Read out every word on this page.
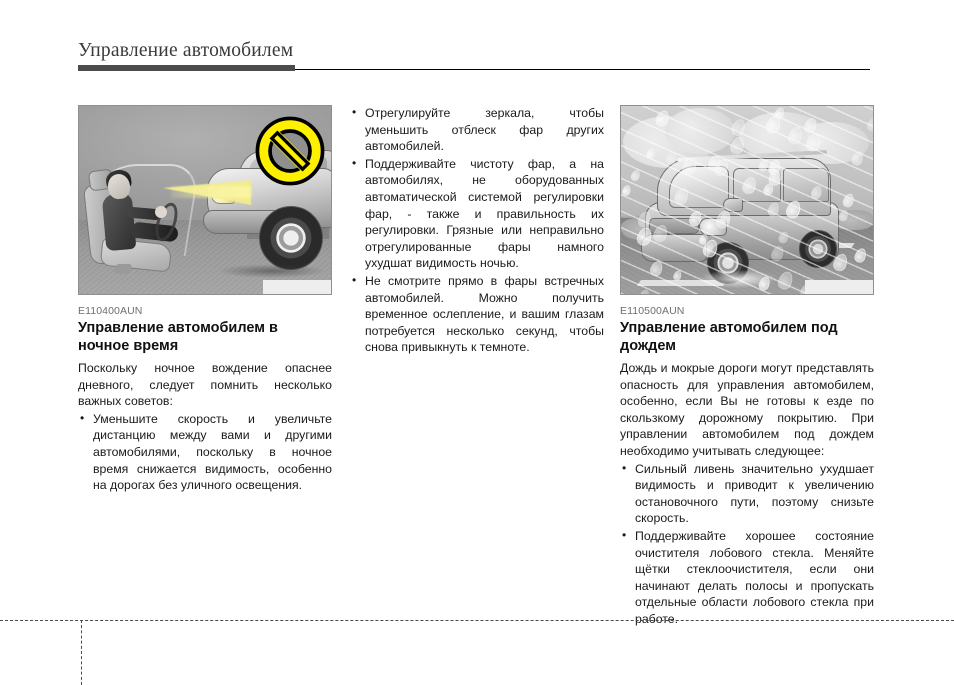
Управление автомобилем
E110400AUN
Управление автомобилем в ночное время

Поскольку ночное вождение опаснее дневного, следует помнить несколько важных советов:

• Уменьшите скорость и увеличьте дистанцию между вами и другими автомобилями, поскольку в ночное время снижается видимость, особенно на дорогах без уличного освещения.
• Отрегулируйте зеркала, чтобы уменьшить отблеск фар других автомобилей.
• Поддерживайте чистоту фар, а на автомобилях, не оборудованных автоматической системой регулировки фар, - также и правильность их регулировки. Грязные или неправильно отрегулированные фары намного ухудшат видимость ночью.
• Не смотрите прямо в фары встречных автомобилей. Можно получить временное ослепление, и вашим глазам потребуется несколько секунд, чтобы снова привыкнуть к темноте.
E110500AUN
Управление автомобилем под дождем

Дождь и мокрые дороги могут представлять опасность для управления автомобилем, особенно, если Вы не готовы к езде по скользкому дорожному покрытию. При управлении автомобилем под дождем необходимо учитывать следующее:

• Сильный ливень значительно ухудшает видимость и приводит к увеличению остановочного пути, поэтому снизьте скорость.
• Поддерживайте хорошее состояние очистителя лобового стекла. Меняйте щётки стеклоочистителя, если они начинают делать полосы и пропускать отдельные области лобового стекла при работе.
